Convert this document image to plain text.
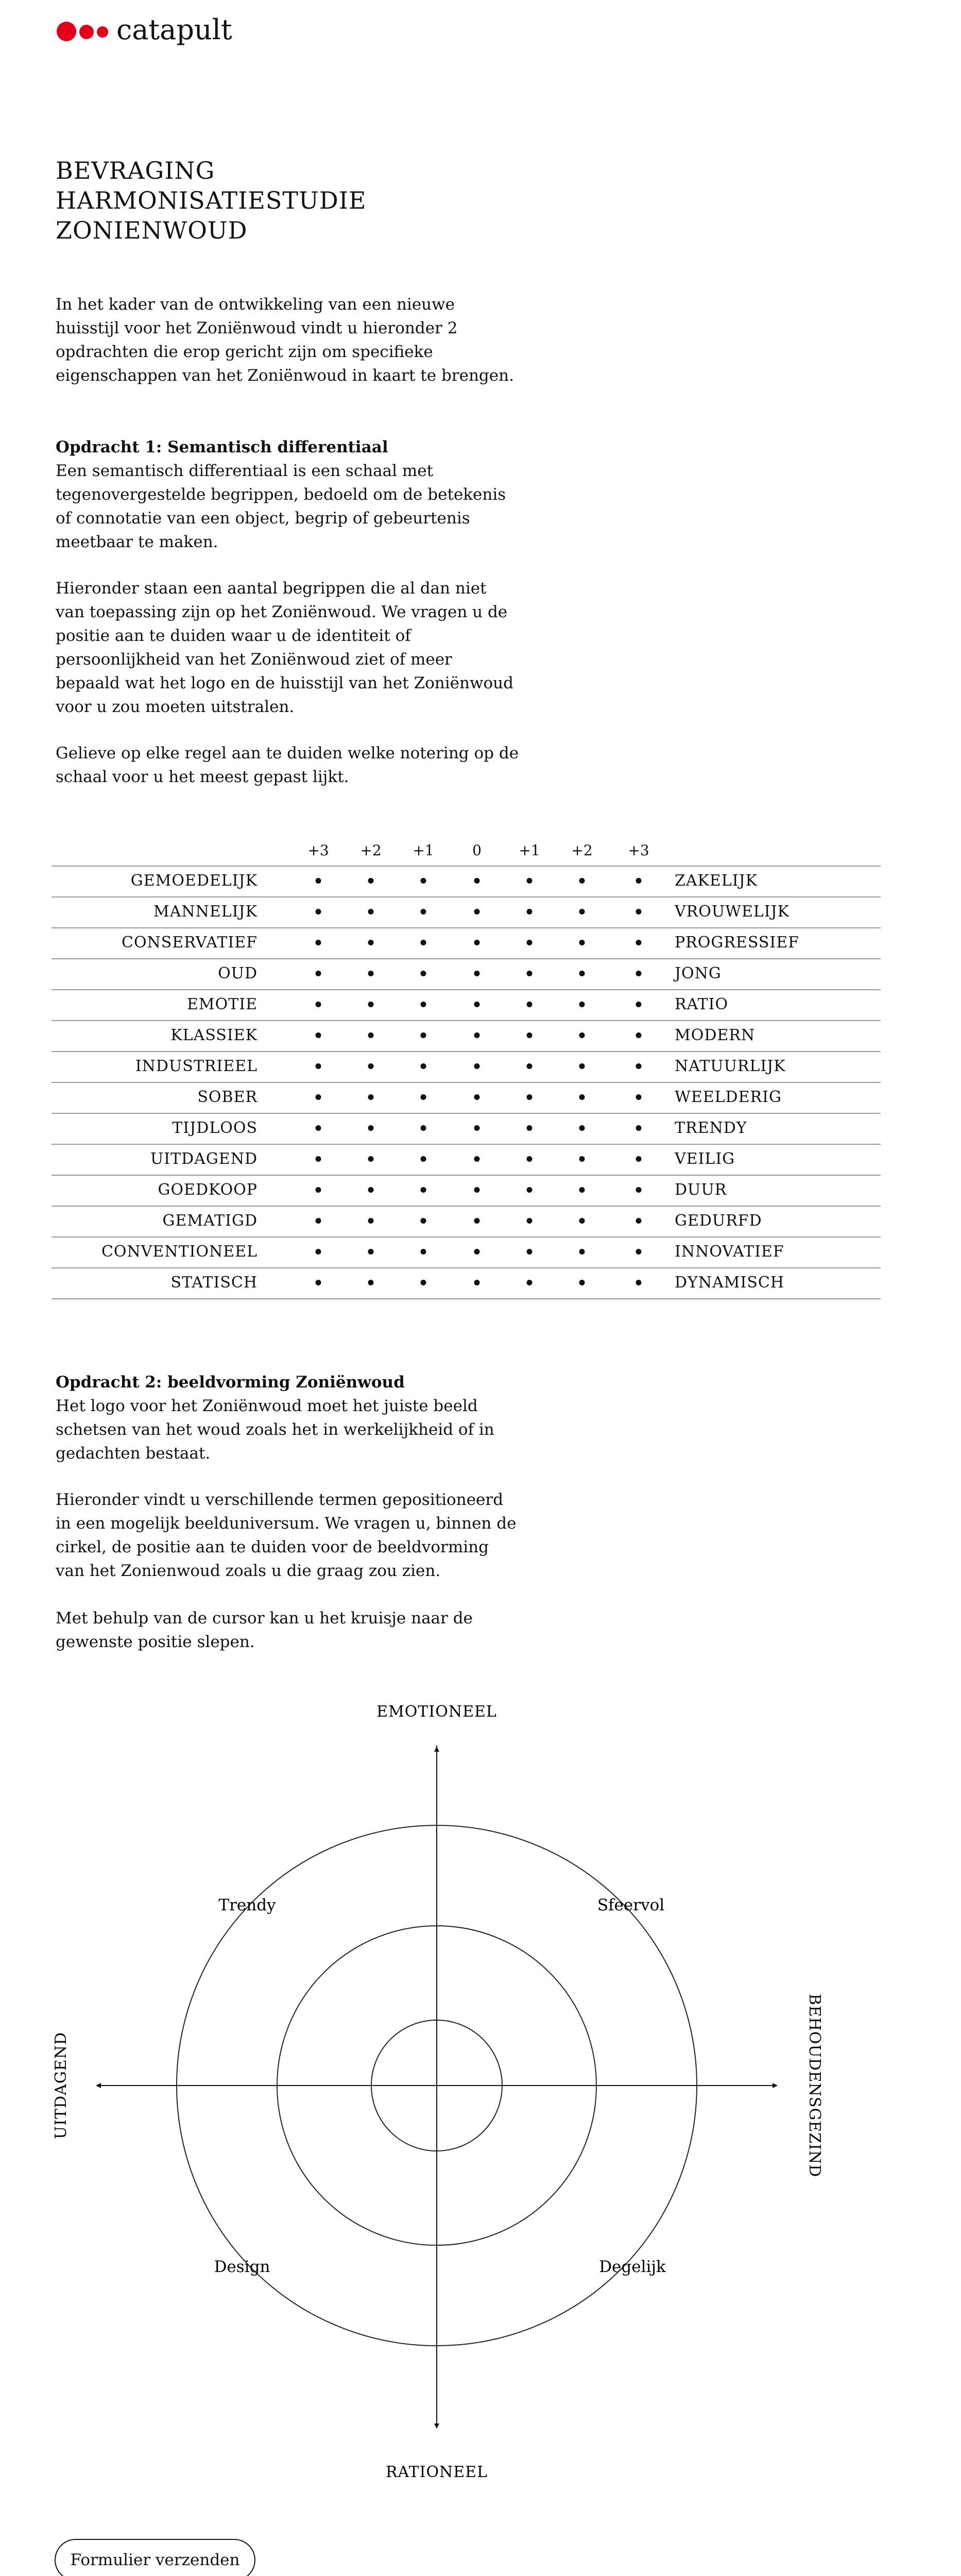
catapult
BEVRAGING
HARMONISATIESTUDIE
ZONIENWOUD

In het kader van de ontwikkeling van een nieuwe huisstijl voor het Zoniënwoud vindt u hieronder 2 opdrachten die erop gericht zijn om specifieke eigenschappen van het Zoniënwoud in kaart te brengen.

Opdracht 1: Semantisch differentiaal

Een semantisch differentiaal is een schaal met tegenovergestelde begrippen, bedoeld om de betekenis of connotatie van een object, begrip of gebeurtenis meetbaar te maken.

Hieronder staan een aantal begrippen die al dan niet van toepassing zijn op het Zoniënwoud. We vragen u de positie aan te duiden waar u de identiteit of persoonlijkheid van het Zoniënwoud ziet of meer bepaald wat het logo en de huisstijl van het Zoniënwoud voor u zou moeten uitstralen.

Gelieve op elke regel aan te duiden welke notering op de schaal voor u het meest gepast lijkt.

+3 +2 +1	0	+1 +2 +3
GEMOEDELIJK	ZAKELIJK
MANNELIJK	VROUWELIJK
CONSERVATIEF	PROGRESSIEF
OUD	JONG
EMOTIE	RATIO
KLASSIEK	MODERN
INDUSTRIEEL	NATUURLIJK
SOBER	WEELDERIG
TIJDLOOS	TRENDY
UITDAGEND	VEILIG
GOEDKOOP	DUUR
GEMATIGD	GEDURFD
CONVENTIONEEL	INNOVATIEF
STATISCH	DYNAMISCH

Opdracht 2: beeldvorming Zoniënwoud

Het logo voor het Zoniënwoud moet het juiste beeld schetsen van het woud zoals het in werkelijkheid of in gedachten bestaat.

Hieronder vindt u verschillende termen gepositioneerd in een mogelijk beelduniversum. We vragen u, binnen de cirkel, de positie aan te duiden voor de beeldvorming van het Zonienwoud zoals u die graag zou zien.

Met behulp van de cursor kan u het kruisje naar de gewenste positie slepen.

EMOTIONEEL
RATIONEEL
UITDAGEND	BEHOUDENSGEZIND
Trendy	Sfeervol
Design	Degelijk
Formulier verzenden
